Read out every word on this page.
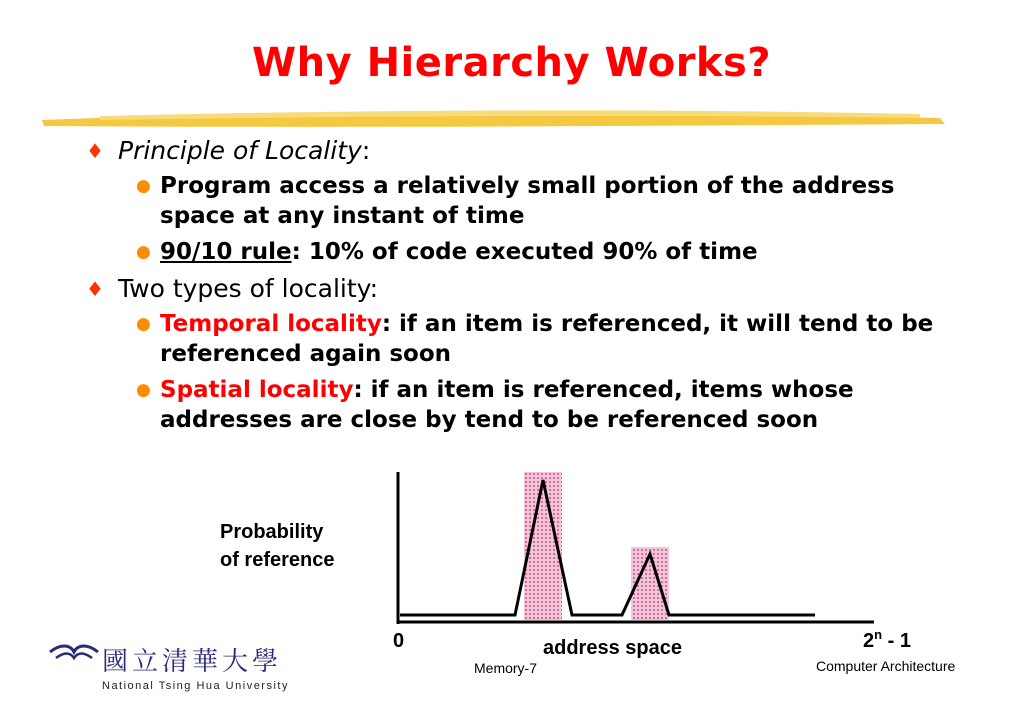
Why Hierarchy Works?
♦ Principle of Locality:
● Program access a relatively small portion of the address space at any instant of time
● 90/10 rule: 10% of code executed 90% of time
♦ Two types of locality:
● Temporal locality: if an item is referenced, it will tend to be referenced again soon
● Spatial locality: if an item is referenced, items whose addresses are close by tend to be referenced soon
Probability
of reference
0	address space	2$^n$ - 1
國立清華大學
National Tsing Hua University
Memory-7	Computer Architecture
